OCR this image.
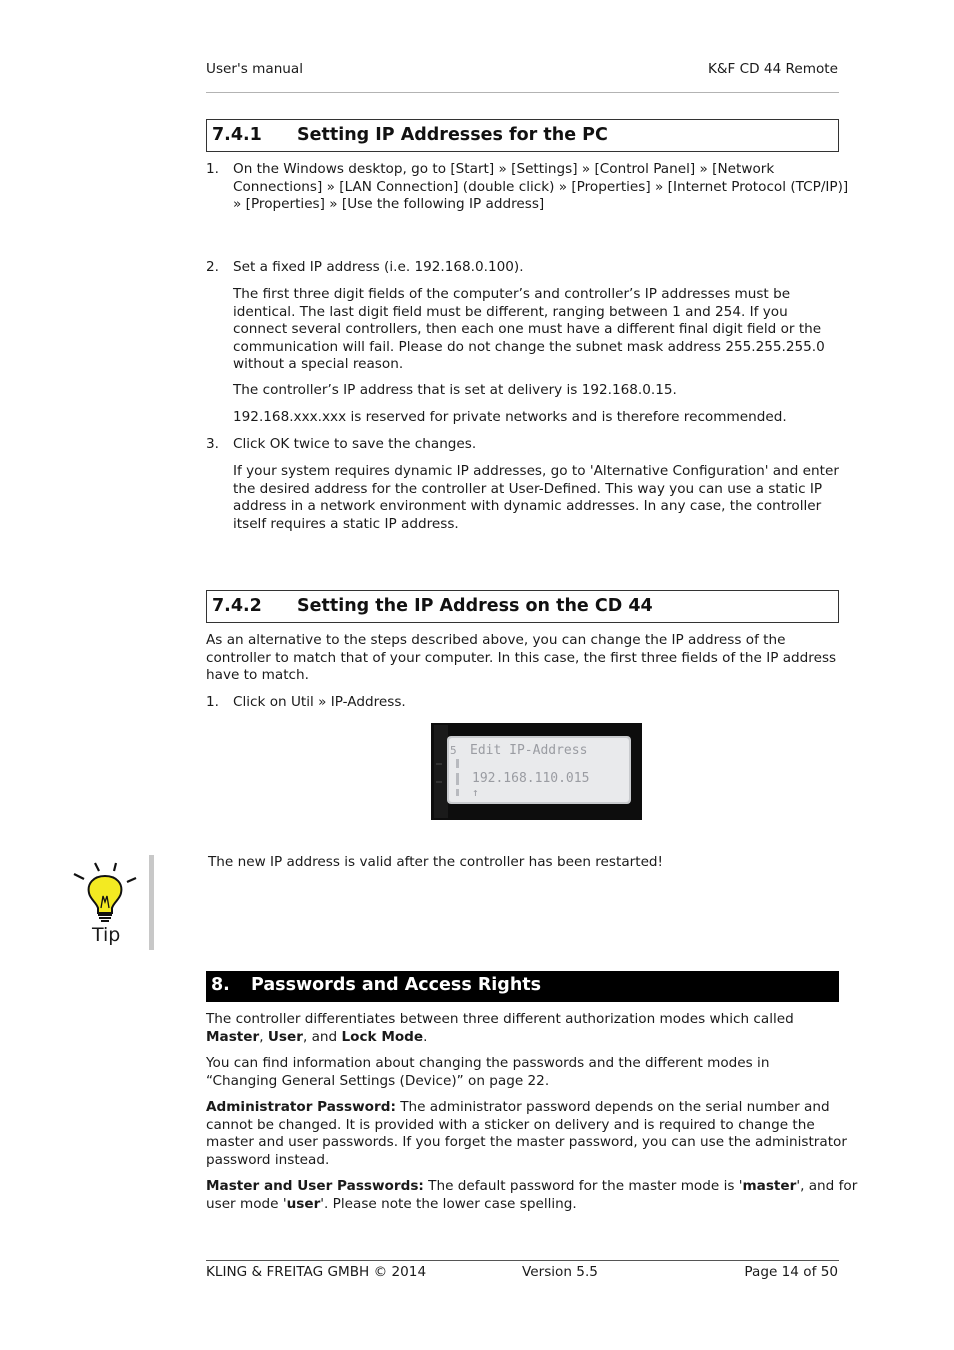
User's manual	K&F CD 44 Remote
7.4.1 Setting IP Addresses for the PC
1. On the Windows desktop, go to [Start] » [Settings] » [Control Panel] » [Network
Connections] » [LAN Connection] (double click) » [Properties] » [Internet Protocol (TCP/IP)]
» [Properties] » [Use the following IP address]
2. Set a fixed IP address (i.e. 192.168.0.100).
The first three digit fields of the computer’s and controller’s IP addresses must be
identical. The last digit field must be different, ranging between 1 and 254. If you
connect several controllers, then each one must have a different final digit field or the
communication will fail. Please do not change the subnet mask address 255.255.255.0
without a special reason.
The controller’s IP address that is set at delivery is 192.168.0.15.
192.168.xxx.xxx is reserved for private networks and is therefore recommended.
3. Click OK twice to save the changes.
If your system requires dynamic IP addresses, go to 'Alternative Configuration' and enter
the desired address for the controller at User-Defined. This way you can use a static IP
address in a network environment with dynamic addresses. In any case, the controller
itself requires a static IP address.
7.4.2 Setting the IP Address on the CD 44
As an alternative to the steps described above, you can change the IP address of the
controller to match that of your computer. In this case, the first three fields of the IP address
have to match.
1. Click on Util » IP-Address.
5 Edit IP-Address
192.168.110.015
↑
Tip
The new IP address is valid after the controller has been restarted!
8. Passwords and Access Rights
The controller differentiates between three different authorization modes which called
Master, User, and Lock Mode.
You can find information about changing the passwords and the different modes in
“Changing General Settings (Device)” on page 22.
Administrator Password: The administrator password depends on the serial number and
cannot be changed. It is provided with a sticker on delivery and is required to change the
master and user passwords. If you forget the master password, you can use the administrator
password instead.
Master and User Passwords: The default password for the master mode is 'master', and for
user mode 'user'. Please note the lower case spelling.
KLING & FREITAG GMBH © 2014	Version 5.5	Page 14 of 50
